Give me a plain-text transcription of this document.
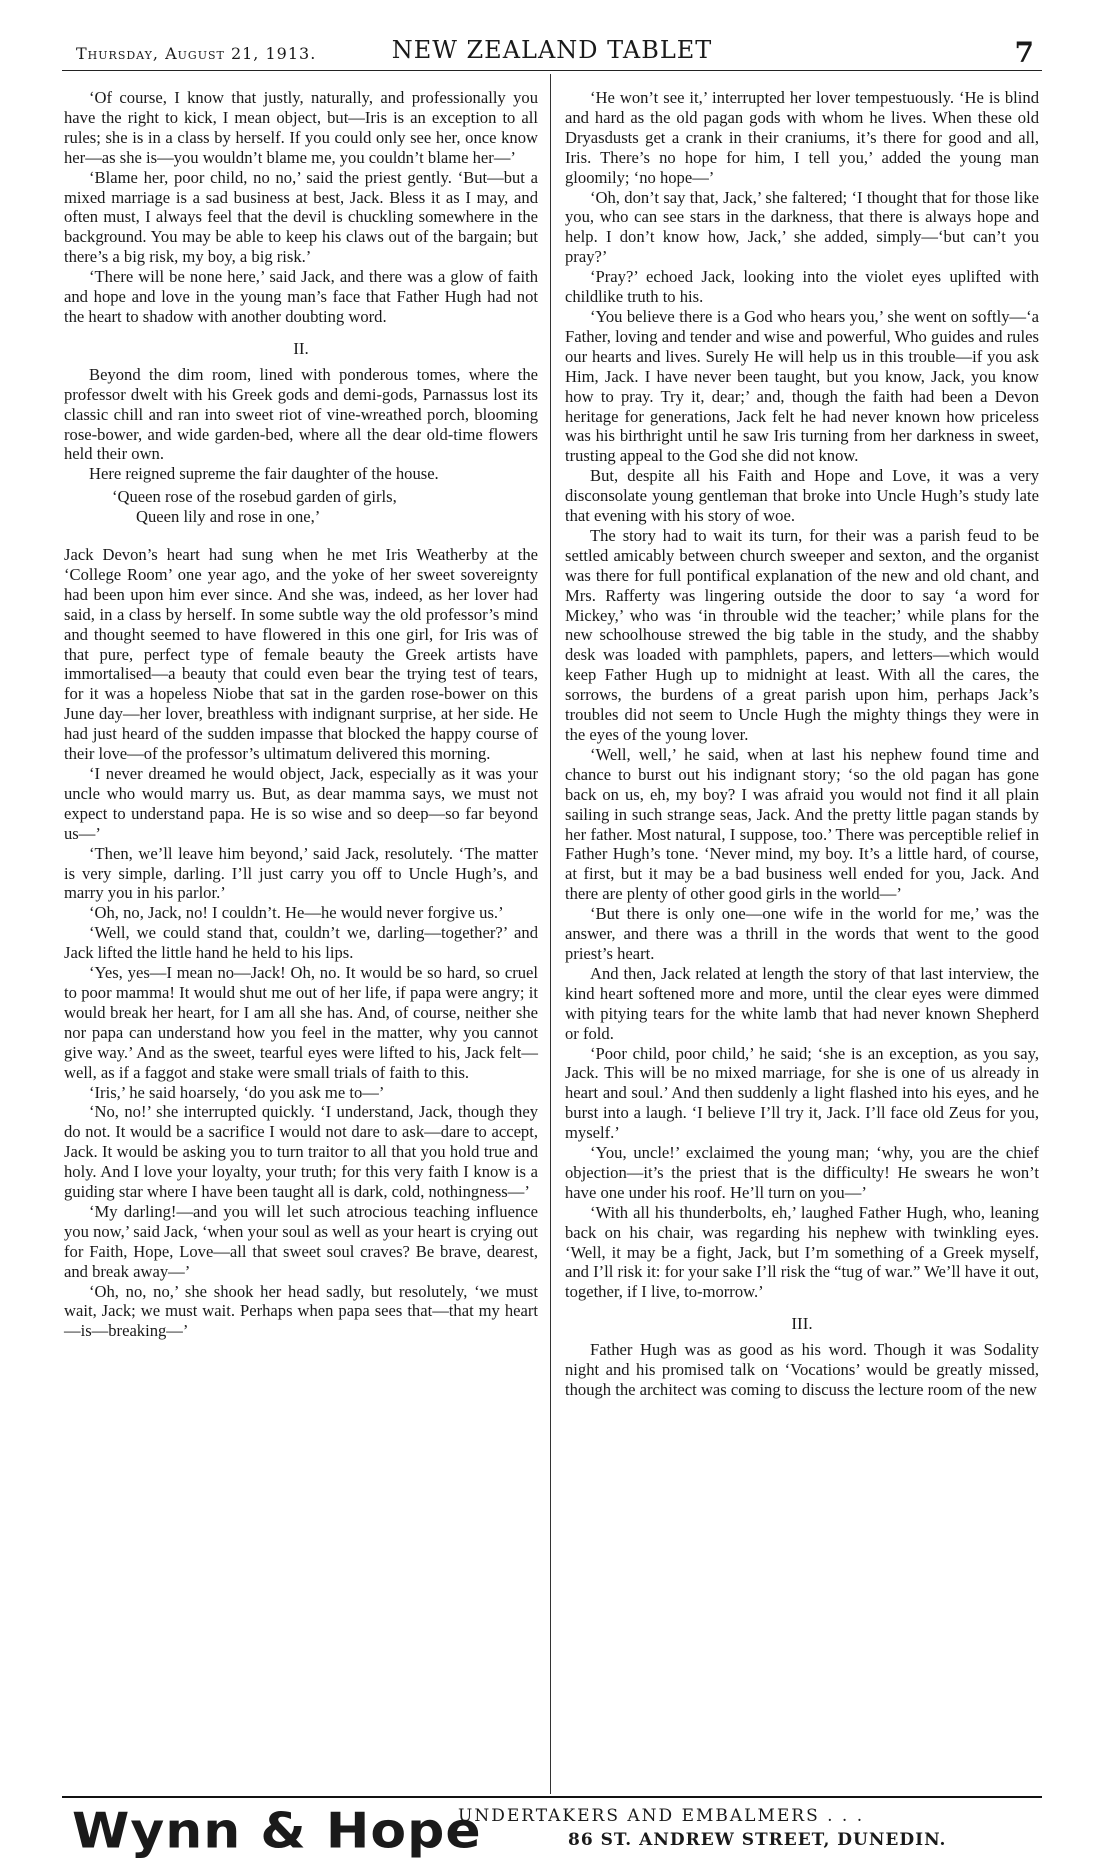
Thursday, August 21, 1913.	NEW ZEALAND TABLET	7

‘Of course, I know that justly, naturally, and professionally you have the right to kick, I mean object, but—Iris is an exception to all rules; she is in a class by herself. If you could only see her, once know her—as she is—you wouldn’t blame me, you couldn’t blame her—’

‘Blame her, poor child, no no,’ said the priest gently. ‘But—but a mixed marriage is a sad business at best, Jack. Bless it as I may, and often must, I always feel that the devil is chuckling somewhere in the background. You may be able to keep his claws out of the bargain; but there’s a big risk, my boy, a big risk.’

‘There will be none here,’ said Jack, and there was a glow of faith and hope and love in the young man’s face that Father Hugh had not the heart to shadow with another doubting word.

II.

Beyond the dim room, lined with ponderous tomes, where the professor dwelt with his Greek gods and demi-gods, Parnassus lost its classic chill and ran into sweet riot of vine-wreathed porch, blooming rose-bower, and wide garden-bed, where all the dear old-time flowers held their own.

Here reigned supreme the fair daughter of the house.

‘Queen rose of the rosebud garden of girls,
Queen lily and rose in one,’

Jack Devon’s heart had sung when he met Iris Weatherby at the ‘College Room’ one year ago, and the yoke of her sweet sovereignty had been upon him ever since. And she was, indeed, as her lover had said, in a class by herself. In some subtle way the old professor’s mind and thought seemed to have flowered in this one girl, for Iris was of that pure, perfect type of female beauty the Greek artists have immortalised—a beauty that could even bear the trying test of tears, for it was a hopeless Niobe that sat in the garden rose-bower on this June day—her lover, breathless with indignant surprise, at her side. He had just heard of the sudden impasse that blocked the happy course of their love—of the professor’s ultimatum delivered this morning.

‘I never dreamed he would object, Jack, especially as it was your uncle who would marry us. But, as dear mamma says, we must not expect to understand papa. He is so wise and so deep—so far beyond us—’

‘Then, we’ll leave him beyond,’ said Jack, resolutely. ‘The matter is very simple, darling. I’ll just carry you off to Uncle Hugh’s, and marry you in his parlor.’

‘Oh, no, Jack, no! I couldn’t. He—he would never forgive us.’

‘Well, we could stand that, couldn’t we, darling—together?’ and Jack lifted the little hand he held to his lips.

‘Yes, yes—I mean no—Jack! Oh, no. It would be so hard, so cruel to poor mamma! It would shut me out of her life, if papa were angry; it would break her heart, for I am all she has. And, of course, neither she nor papa can understand how you feel in the matter, why you cannot give way.’ And as the sweet, tearful eyes were lifted to his, Jack felt—well, as if a faggot and stake were small trials of faith to this.

‘Iris,’ he said hoarsely, ‘do you ask me to—’

‘No, no!’ she interrupted quickly. ‘I understand, Jack, though they do not. It would be a sacrifice I would not dare to ask—dare to accept, Jack. It would be asking you to turn traitor to all that you hold true and holy. And I love your loyalty, your truth; for this very faith I know is a guiding star where I have been taught all is dark, cold, nothingness—’

‘My darling!—and you will let such atrocious teaching influence you now,’ said Jack, ‘when your soul as well as your heart is crying out for Faith, Hope, Love—all that sweet soul craves? Be brave, dearest, and break away—’

‘Oh, no, no,’ she shook her head sadly, but resolutely, ‘we must wait, Jack; we must wait. Perhaps when papa sees that—that my heart—is—breaking—’

‘He won’t see it,’ interrupted her lover tempestuously. ‘He is blind and hard as the old pagan gods with whom he lives. When these old Dryasdusts get a crank in their craniums, it’s there for good and all, Iris. There’s no hope for him, I tell you,’ added the young man gloomily; ‘no hope—’

‘Oh, don’t say that, Jack,’ she faltered; ‘I thought that for those like you, who can see stars in the darkness, that there is always hope and help. I don’t know how, Jack,’ she added, simply—‘but can’t you pray?’

‘Pray?’ echoed Jack, looking into the violet eyes uplifted with childlike truth to his.

‘You believe there is a God who hears you,’ she went on softly—‘a Father, loving and tender and wise and powerful, Who guides and rules our hearts and lives. Surely He will help us in this trouble—if you ask Him, Jack. I have never been taught, but you know, Jack, you know how to pray. Try it, dear;’ and, though the faith had been a Devon heritage for generations, Jack felt he had never known how priceless was his birthright until he saw Iris turning from her darkness in sweet, trusting appeal to the God she did not know.

But, despite all his Faith and Hope and Love, it was a very disconsolate young gentleman that broke into Uncle Hugh’s study late that evening with his story of woe.

The story had to wait its turn, for their was a parish feud to be settled amicably between church sweeper and sexton, and the organist was there for full pontifical explanation of the new and old chant, and Mrs. Rafferty was lingering outside the door to say ‘a word for Mickey,’ who was ‘in throuble wid the teacher;’ while plans for the new schoolhouse strewed the big table in the study, and the shabby desk was loaded with pamphlets, papers, and letters—which would keep Father Hugh up to midnight at least. With all the cares, the sorrows, the burdens of a great parish upon him, perhaps Jack’s troubles did not seem to Uncle Hugh the mighty things they were in the eyes of the young lover.

‘Well, well,’ he said, when at last his nephew found time and chance to burst out his indignant story; ‘so the old pagan has gone back on us, eh, my boy? I was afraid you would not find it all plain sailing in such strange seas, Jack. And the pretty little pagan stands by her father. Most natural, I suppose, too.’ There was perceptible relief in Father Hugh’s tone. ‘Never mind, my boy. It’s a little hard, of course, at first, but it may be a bad business well ended for you, Jack. And there are plenty of other good girls in the world—’

‘But there is only one—one wife in the world for me,’ was the answer, and there was a thrill in the words that went to the good priest’s heart.

And then, Jack related at length the story of that last interview, the kind heart softened more and more, until the clear eyes were dimmed with pitying tears for the white lamb that had never known Shepherd or fold.

‘Poor child, poor child,’ he said; ‘she is an exception, as you say, Jack. This will be no mixed marriage, for she is one of us already in heart and soul.’ And then suddenly a light flashed into his eyes, and he burst into a laugh. ‘I believe I’ll try it, Jack. I’ll face old Zeus for you, myself.’

‘You, uncle!’ exclaimed the young man; ‘why, you are the chief objection—it’s the priest that is the difficulty! He swears he won’t have one under his roof. He’ll turn on you—’

‘With all his thunderbolts, eh,’ laughed Father Hugh, who, leaning back on his chair, was regarding his nephew with twinkling eyes. ‘Well, it may be a fight, Jack, but I’m something of a Greek myself, and I’ll risk it: for your sake I’ll risk the “tug of war.” We’ll have it out, together, if I live, to-morrow.’

III.

Father Hugh was as good as his word. Though it was Sodality night and his promised talk on ‘Vocations’ would be greatly missed, though the architect was coming to discuss the lecture room of the new

Wynn & Hope
UNDERTAKERS AND EMBALMERS . . .
86 ST. ANDREW STREET, DUNEDIN.
